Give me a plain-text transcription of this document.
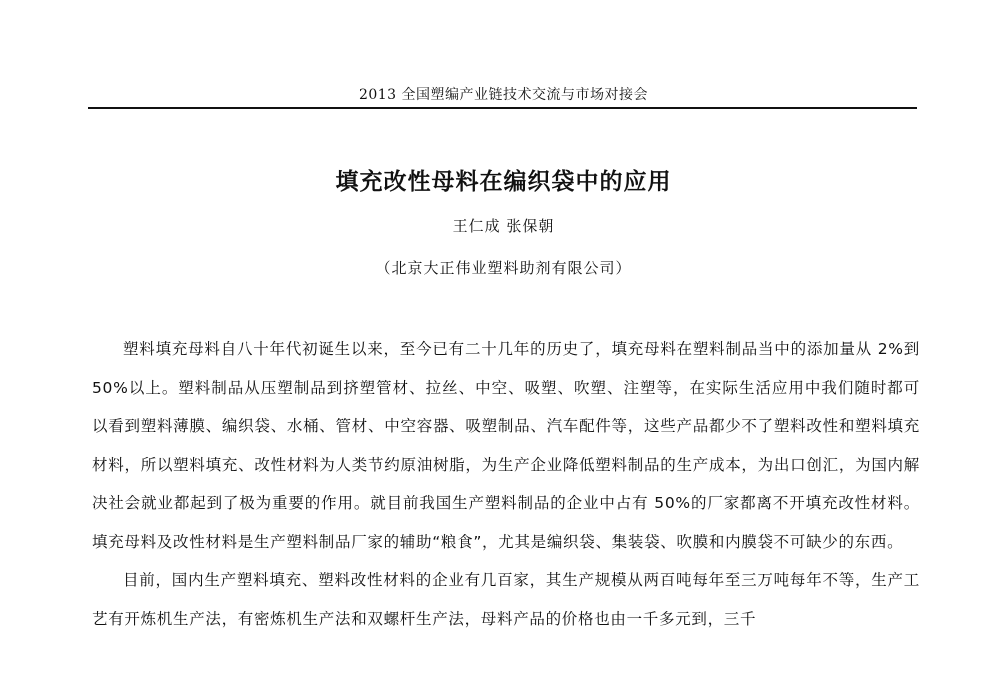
2013 全国塑编产业链技术交流与市场对接会
填充改性母料在编织袋中的应用
王仁成 张保朝
（北京大正伟业塑料助剂有限公司）

塑料填充母料自八十年代初诞生以来，至今已有二十几年的历史了，填充母料在塑料制品当中的添加量从 2%到 50%以上。塑料制品从压塑制品到挤塑管材、拉丝、中空、吸塑、吹塑、注塑等，在实际生活应用中我们随时都可以看到塑料薄膜、编织袋、水桶、管材、中空容器、吸塑制品、汽车配件等，这些产品都少不了塑料改性和塑料填充材料，所以塑料填充、改性材料为人类节约原油树脂，为生产企业降低塑料制品的生产成本，为出口创汇，为国内解决社会就业都起到了极为重要的作用。就目前我国生产塑料制品的企业中占有 50%的厂家都离不开填充改性材料。填充母料及改性材料是生产塑料制品厂家的辅助“粮食”，尤其是编织袋、集装袋、吹膜和内膜袋不可缺少的东西。

目前，国内生产塑料填充、塑料改性材料的企业有几百家，其生产规模从两百吨每年至三万吨每年不等，生产工艺有开炼机生产法，有密炼机生产法和双螺杆生产法，母料产品的价格也由一千多元到，三千
